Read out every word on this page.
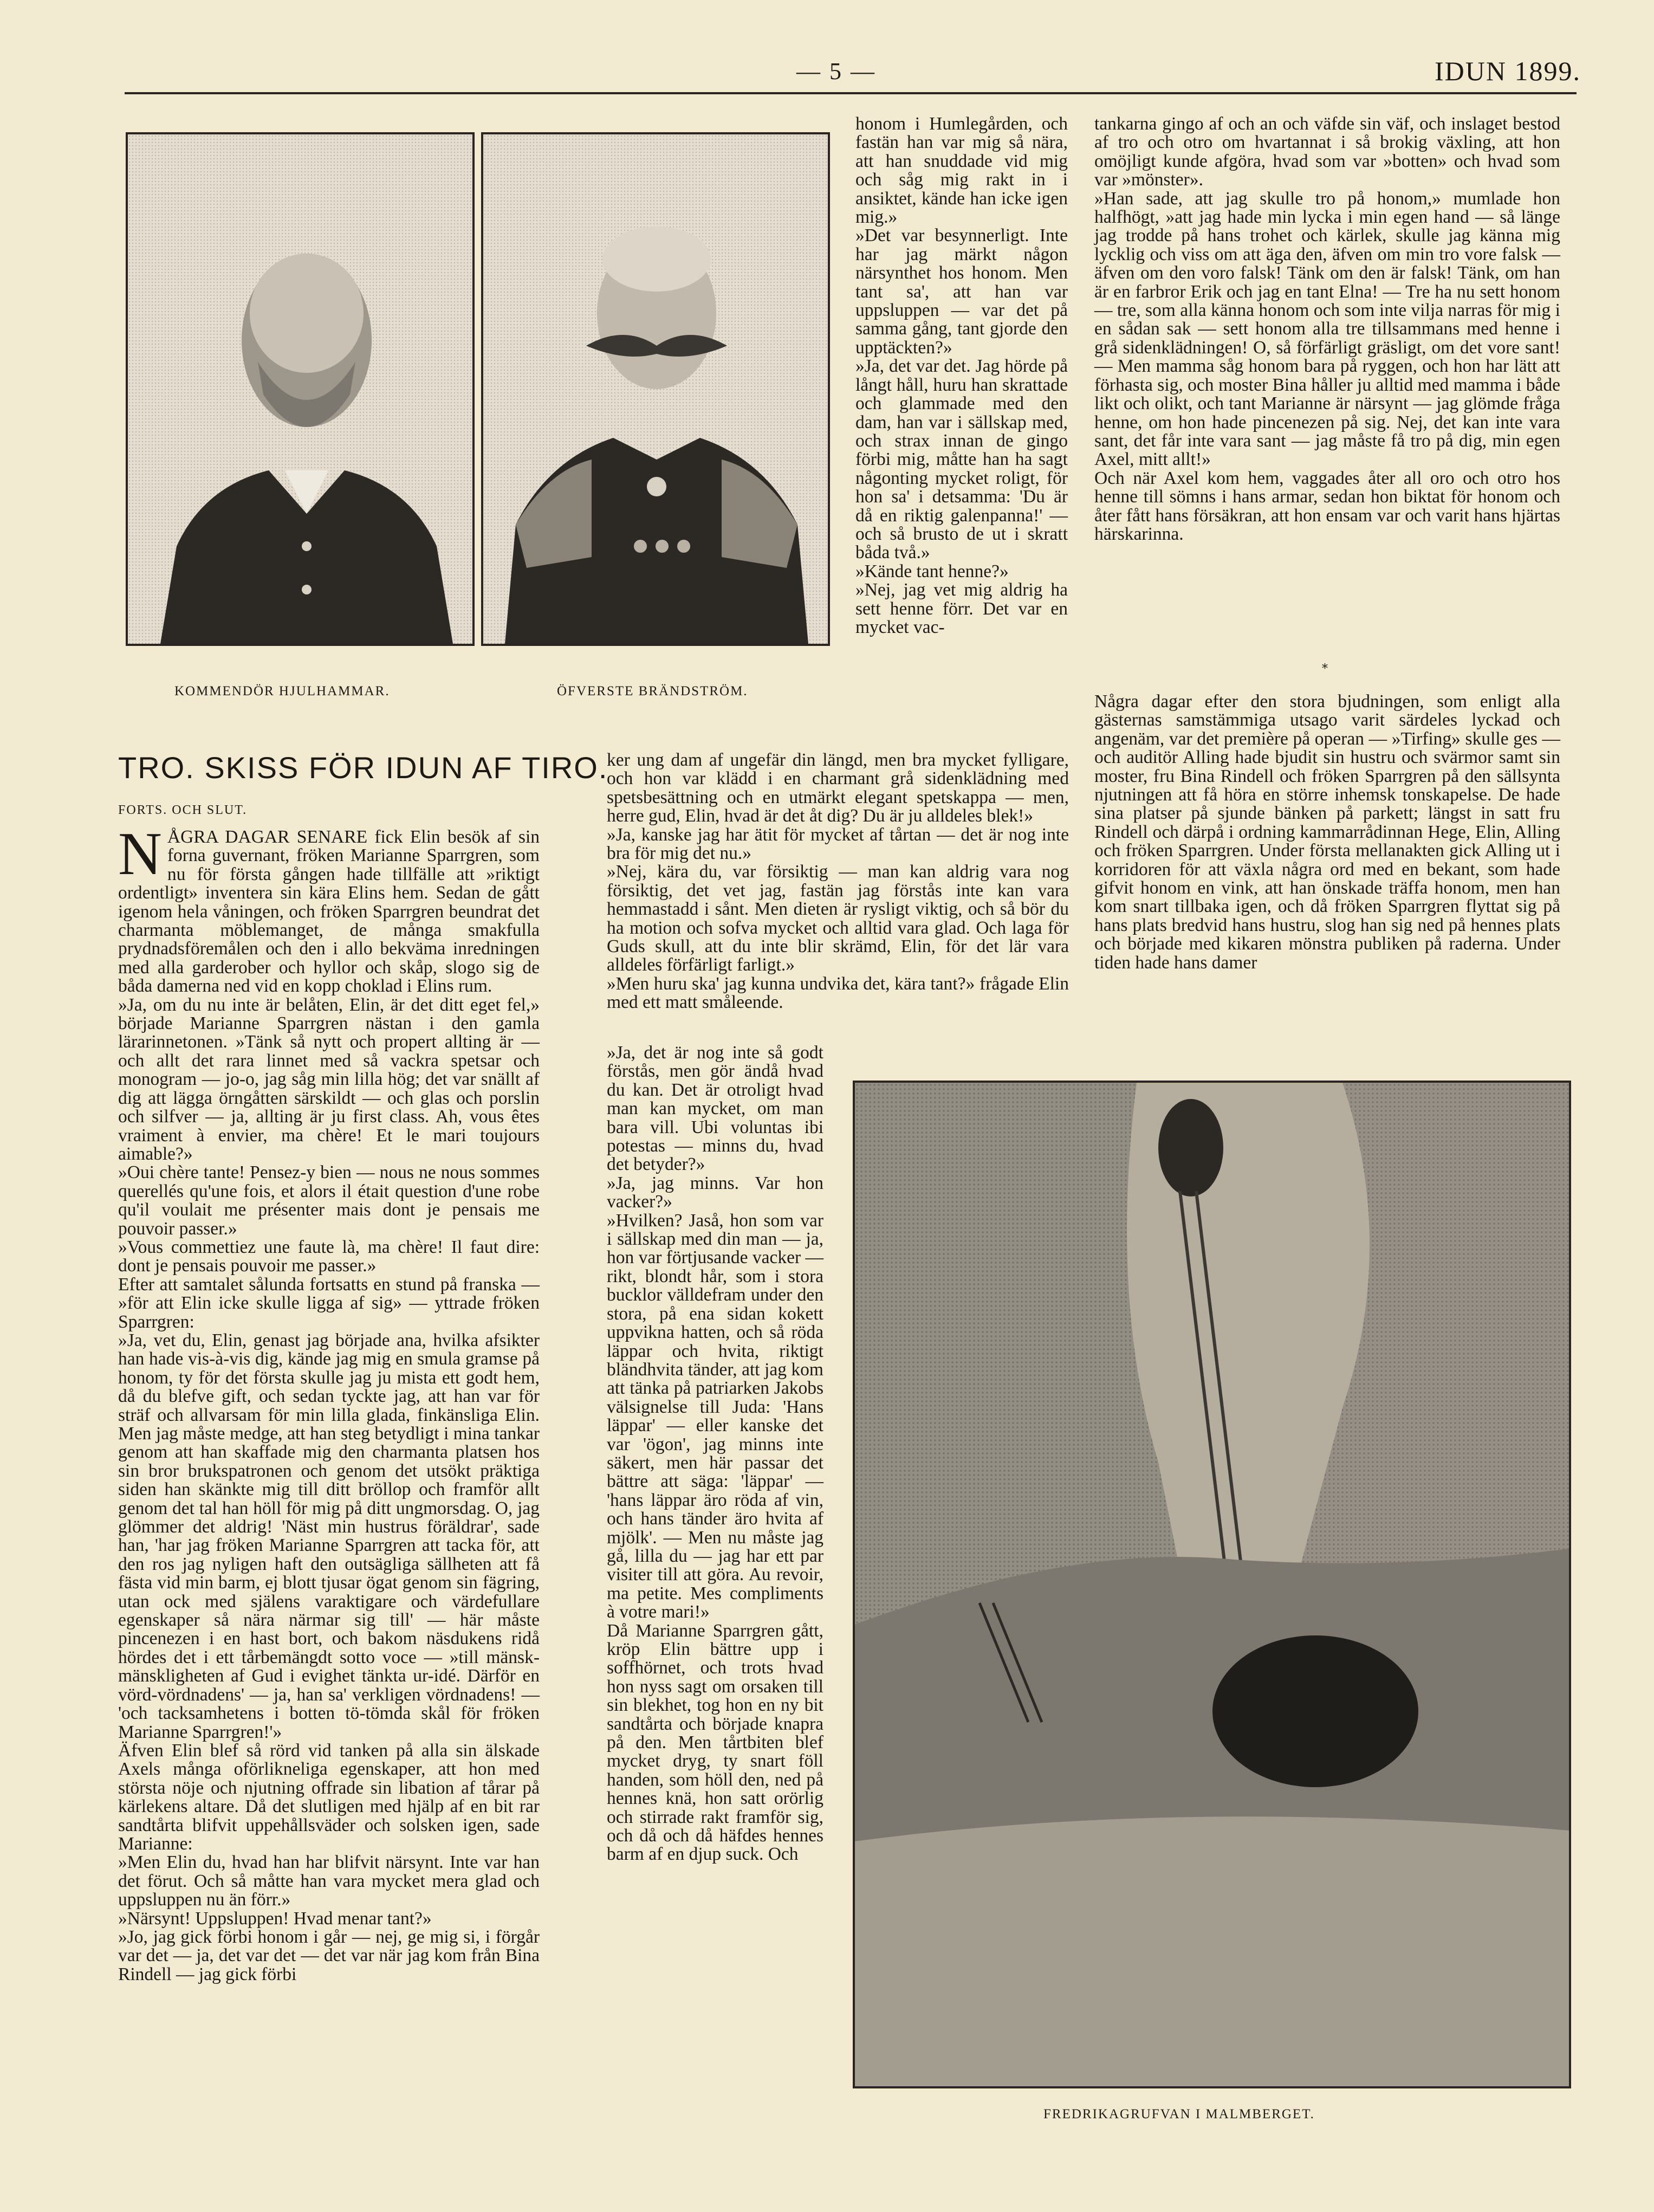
— 5 —	IDUN 1899.
KOMMENDÖR HJULHAMMAR.	ÖFVERSTE BRÄNDSTRÖM.
TRO. SKISS FÖR IDUN AF TIRO.
FORTS. OCH SLUT.
N ÅGRA DAGAR SENARE fick Elin besök af sin forna guvernant, fröken Marianne Sparrgren, som nu för första gången hade tillfälle att »riktigt ordentligt» inventera sin kära Elins hem. Sedan de gått igenom hela våningen, och fröken Sparrgren beundrat det charmanta möblemanget, de många smakfulla prydnadsföremålen och den i allo bekväma inredningen med alla garderober och hyllor och skåp, slogo sig de båda damerna ned vid en kopp choklad i Elins rum.
»Ja, om du nu inte är belåten, Elin, är det ditt eget fel,» började Marianne Sparrgren nästan i den gamla lärarinnetonen. »Tänk så nytt och propert allting är — och allt det rara linnet med så vackra spetsar och monogram — jo-o, jag såg min lilla hög; det var snällt af dig att lägga örngåtten särskildt — och glas och porslin och silfver — ja, allting är ju first class. Ah, vous êtes vraiment à envier, ma chère! Et le mari toujours aimable?»
»Oui chère tante! Pensez-y bien — nous ne nous sommes querellés qu'une fois, et alors il était question d'une robe qu'il voulait me présenter mais dont je pensais me pouvoir passer.»
»Vous commettiez une faute là, ma chère! Il faut dire: dont je pensais pouvoir me passer.»
Efter att samtalet sålunda fortsatts en stund på franska — »för att Elin icke skulle ligga af sig» — yttrade fröken Sparrgren:
»Ja, vet du, Elin, genast jag började ana, hvilka afsikter han hade vis-à-vis dig, kände jag mig en smula gramse på honom, ty för det första skulle jag ju mista ett godt hem, då du blefve gift, och sedan tyckte jag, att han var för sträf och allvarsam för min lilla glada, finkänsliga Elin. Men jag måste medge, att han steg betydligt i mina tankar genom att han skaffade mig den charmanta platsen hos sin bror brukspatronen och genom det utsökt präktiga siden han skänkte mig till ditt bröllop och framför allt genom det tal han höll för mig på ditt ungmorsdag. O, jag glömmer det aldrig! 'Näst min hustrus föräldrar', sade han, 'har jag fröken Marianne Sparrgren att tacka för, att den ros jag nyligen haft den outsägliga sällheten att få fästa vid min barm, ej blott tjusar ögat genom sin fägring, utan ock med själens varaktigare och värdefullare egenskaper så nära närmar sig till' — här måste pincenezen i en hast bort, och bakom näsdukens ridå hördes det i ett tårbemängdt sotto voce — »till mänsk-mänskligheten af Gud i evighet tänkta ur-idé. Därför en vörd-vördnadens' — ja, han sa' verkligen vördnadens! — 'och tacksamhetens i botten tö-tömda skål för fröken Marianne Sparrgren!'»
Äfven Elin blef så rörd vid tanken på alla sin älskade Axels många oförlikneliga egenskaper, att hon med största nöje och njutning offrade sin libation af tårar på kärlekens altare. Då det slutligen med hjälp af en bit rar sandtårta blifvit uppehållsväder och solsken igen, sade Marianne:
»Men Elin du, hvad han har blifvit närsynt. Inte var han det förut. Och så måtte han vara mycket mera glad och uppsluppen nu än förr.»
»Närsynt! Uppsluppen! Hvad menar tant?»
»Jo, jag gick förbi honom i går — nej, ge mig si, i förgår var det — ja, det var det — det var när jag kom från Bina Rindell — jag gick förbi
honom i Humlegården, och fastän han var mig så nära, att han snuddade vid mig och såg mig rakt in i ansiktet, kände han icke igen mig.»
»Det var besynnerligt. Inte har jag märkt någon närsynthet hos honom. Men tant sa', att han var uppsluppen — var det på samma gång, tant gjorde den upptäckten?»
»Ja, det var det. Jag hörde på långt håll, huru han skrattade och glammade med den dam, han var i sällskap med, och strax innan de gingo förbi mig, måtte han ha sagt någonting mycket roligt, för hon sa' i detsamma: 'Du är då en riktig galenpanna!' — och så brusto de ut i skratt båda två.»
»Kände tant henne?»
»Nej, jag vet mig aldrig ha sett henne förr. Det var en mycket vac-
ker ung dam af ungefär din längd, men bra mycket fylligare, och hon var klädd i en charmant grå sidenklädning med spetsbesättning och en utmärkt elegant spetskappa — men, herre gud, Elin, hvad är det åt dig? Du är ju alldeles blek!»
»Ja, kanske jag har ätit för mycket af tårtan — det är nog inte bra för mig det nu.»
»Nej, kära du, var försiktig — man kan aldrig vara nog försiktig, det vet jag, fastän jag förstås inte kan vara hemmastadd i sånt. Men dieten är rysligt viktig, och så bör du ha motion och sofva mycket och alltid vara glad. Och laga för Guds skull, att du inte blir skrämd, Elin, för det lär vara alldeles förfärligt farligt.»
»Men huru ska' jag kunna undvika det, kära tant?» frågade Elin med ett matt småleende.
»Ja, det är nog inte så godt förstås, men gör ändå hvad du kan. Det är otroligt hvad man kan mycket, om man bara vill. Ubi voluntas ibi potestas — minns du, hvad det betyder?»
»Ja, jag minns. Var hon vacker?»
»Hvilken? Jaså, hon som var i sällskap med din man — ja, hon var förtjusande vacker — rikt, blondt hår, som i stora bucklor välldefram under den stora, på ena sidan kokett uppvikna hatten, och så röda läppar och hvita, riktigt bländhvita tänder, att jag kom att tänka på patriarken Jakobs välsignelse till Juda: 'Hans läppar' — eller kanske det var 'ögon', jag minns inte säkert, men här passar det bättre att säga: 'läppar' — 'hans läppar äro röda af vin, och hans tänder äro hvita af mjölk'. — Men nu måste jag gå, lilla du — jag har ett par visiter till att göra. Au revoir, ma petite. Mes compliments à votre mari!»
Då Marianne Sparrgren gått, kröp Elin bättre upp i soffhörnet, och trots hvad hon nyss sagt om orsaken till sin blekhet, tog hon en ny bit sandtårta och började knapra på den. Men tårtbiten blef mycket dryg, ty snart föll handen, som höll den, ned på hennes knä, hon satt orörlig och stirrade rakt framför sig, och då och då häfdes hennes barm af en djup suck. Och
tankarna gingo af och an och väfde sin väf, och inslaget bestod af tro och otro om hvartannat i så brokig växling, att hon omöjligt kunde afgöra, hvad som var »botten» och hvad som var »mönster».
»Han sade, att jag skulle tro på honom,» mumlade hon halfhögt, »att jag hade min lycka i min egen hand — så länge jag trodde på hans trohet och kärlek, skulle jag känna mig lycklig och viss om att äga den, äfven om min tro vore falsk — äfven om den voro falsk! Tänk om den är falsk! Tänk, om han är en farbror Erik och jag en tant Elna! — Tre ha nu sett honom — tre, som alla känna honom och som inte vilja narras för mig i en sådan sak — sett honom alla tre tillsammans med henne i grå sidenklädningen! O, så förfärligt gräsligt, om det vore sant! — Men mamma såg honom bara på ryggen, och hon har lätt att förhasta sig, och moster Bina håller ju alltid med mamma i både likt och olikt, och tant Marianne är närsynt — jag glömde fråga henne, om hon hade pincenezen på sig. Nej, det kan inte vara sant, det får inte vara sant — jag måste få tro på dig, min egen Axel, mitt allt!»
Och när Axel kom hem, vaggades åter all oro och otro hos henne till sömns i hans armar, sedan hon biktat för honom och åter fått hans försäkran, att hon ensam var och varit hans hjärtas härskarinna.
*
Några dagar efter den stora bjudningen, som enligt alla gästernas samstämmiga utsago varit särdeles lyckad och angenäm, var det première på operan — »Tirfing» skulle ges — och auditör Alling hade bjudit sin hustru och svärmor samt sin moster, fru Bina Rindell och fröken Sparrgren på den sällsynta njutningen att få höra en större inhemsk tonskapelse. De hade sina platser på sjunde bänken på parkett; längst in satt fru Rindell och därpå i ordning kammarrådinnan Hege, Elin, Alling och fröken Sparrgren. Under första mellanakten gick Alling ut i korridoren för att växla några ord med en bekant, som hade gifvit honom en vink, att han önskade träffa honom, men han kom snart tillbaka igen, och då fröken Sparrgren flyttat sig på hans plats bredvid hans hustru, slog han sig ned på hennes plats och började med kikaren mönstra publiken på raderna. Under tiden hade hans damer
FREDRIKAGRUFVAN I MALMBERGET.
